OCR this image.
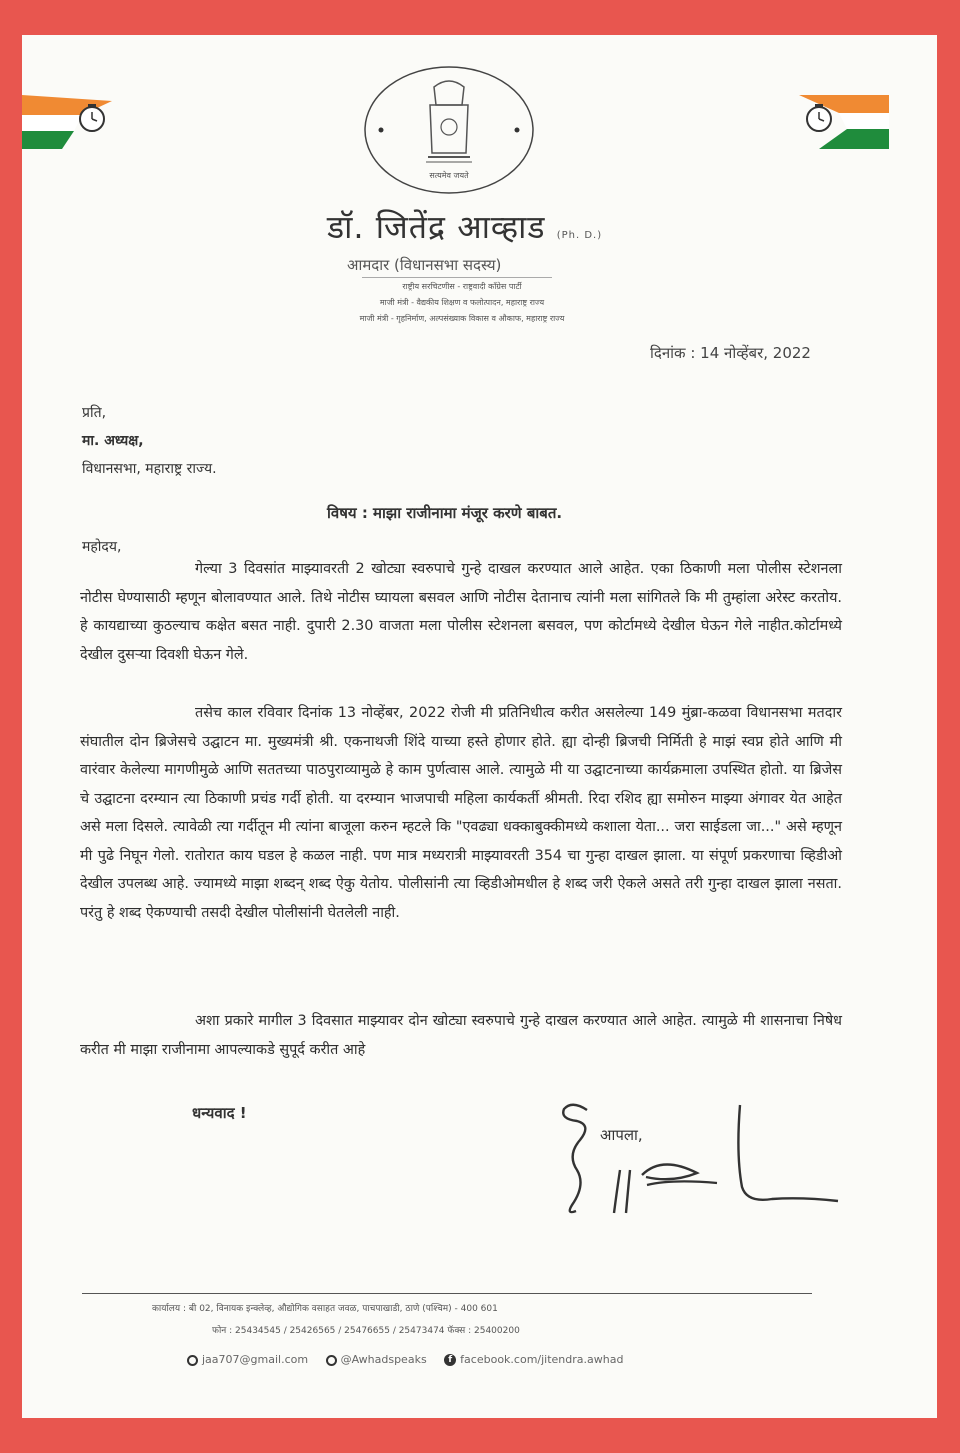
सत्यमेव जयते
डॉ. जितेंद्र आव्हाड (Ph. D.)
आमदार (विधानसभा सदस्य)
राष्ट्रीय सरचिटणीस - राष्ट्रवादी काँग्रेस पार्टी
माजी मंत्री - वैद्यकीय शिक्षण व फलोत्पादन, महाराष्ट्र राज्य
माजी मंत्री - गृहनिर्माण, अल्पसंख्याक विकास व औकाफ, महाराष्ट्र राज्य
दिनांक : 14 नोव्हेंबर, 2022
प्रति,
मा. अध्यक्ष,
विधानसभा, महाराष्ट्र राज्य.
विषय : माझा राजीनामा मंजूर करणे बाबत.
महोदय,
गेल्या 3 दिवसांत माझ्यावरती 2 खोट्या स्वरुपाचे गुन्हे दाखल करण्यात आले आहेत. एका ठिकाणी मला पोलीस स्टेशनला नोटीस घेण्यासाठी म्हणून बोलावण्यात आले. तिथे नोटीस घ्यायला बसवल आणि नोटीस देतानाच त्यांनी मला सांगितले कि मी तुम्हांला अरेस्ट करतोय. हे कायद्याच्या कुठल्याच कक्षेत बसत नाही. दुपारी 2.30 वाजता मला पोलीस स्टेशनला बसवल, पण कोर्टामध्ये देखील घेऊन गेले नाहीत.कोर्टामध्ये देखील दुसऱ्या दिवशी घेऊन गेले.
तसेच काल रविवार दिनांक 13 नोव्हेंबर, 2022 रोजी मी प्रतिनिधीत्व करीत असलेल्या 149 मुंब्रा-कळवा विधानसभा मतदार संघातील दोन ब्रिजेसचे उद्घाटन मा. मुख्यमंत्री श्री. एकनाथजी शिंदे याच्या हस्ते होणार होते. ह्या दोन्ही ब्रिजची निर्मिती हे माझं स्वप्न होते आणि मी वारंवार केलेल्या मागणीमुळे आणि सततच्या पाठपुराव्यामुळे हे काम पुर्णत्वास आले. त्यामुळे मी या उद्घाटनाच्या कार्यक्रमाला उपस्थित होतो. या ब्रिजेस चे उद्घाटना दरम्यान त्या ठिकाणी प्रचंड गर्दी होती. या दरम्यान भाजपाची महिला कार्यकर्ती श्रीमती. रिदा रशिद ह्या समोरुन माझ्या अंगावर येत आहेत असे मला दिसले. त्यावेळी त्या गर्दीतून मी त्यांना बाजूला करुन म्हटले कि "एवढ्या धक्काबुक्कीमध्ये कशाला येता... जरा साईडला जा..." असे म्हणून मी पुढे निघून गेलो. रातोरात काय घडल हे कळल नाही. पण मात्र मध्यरात्री माझ्यावरती 354 चा गुन्हा दाखल झाला. या संपूर्ण प्रकरणाचा व्हिडीओ देखील उपलब्ध आहे. ज्यामध्ये माझा शब्दन् शब्द ऐकु येतोय. पोलीसांनी त्या व्हिडीओमधील हे शब्द जरी ऐकले असते तरी गुन्हा दाखल झाला नसता. परंतु हे शब्द ऐकण्याची तसदी देखील पोलीसांनी घेतलेली नाही.
अशा प्रकारे मागील 3 दिवसात माझ्यावर दोन खोट्या स्वरुपाचे गुन्हे दाखल करण्यात आले आहेत. त्यामुळे मी शासनाचा निषेध करीत मी माझा राजीनामा आपल्याकडे सुपूर्द करीत आहे
धन्यवाद !
आपला,
कार्यालय : बी 02, विनायक इन्क्लेव्ह, औद्योगिक वसाहत जवळ, पाचपाखाडी, ठाणे (पश्चिम) - 400 601
फोन : 25434545 / 25426565 / 25476655 / 25473474 फॅक्स : 25400200
jaa707@gmail.com	@Awhadspeaks f facebook.com/jitendra.awhad
